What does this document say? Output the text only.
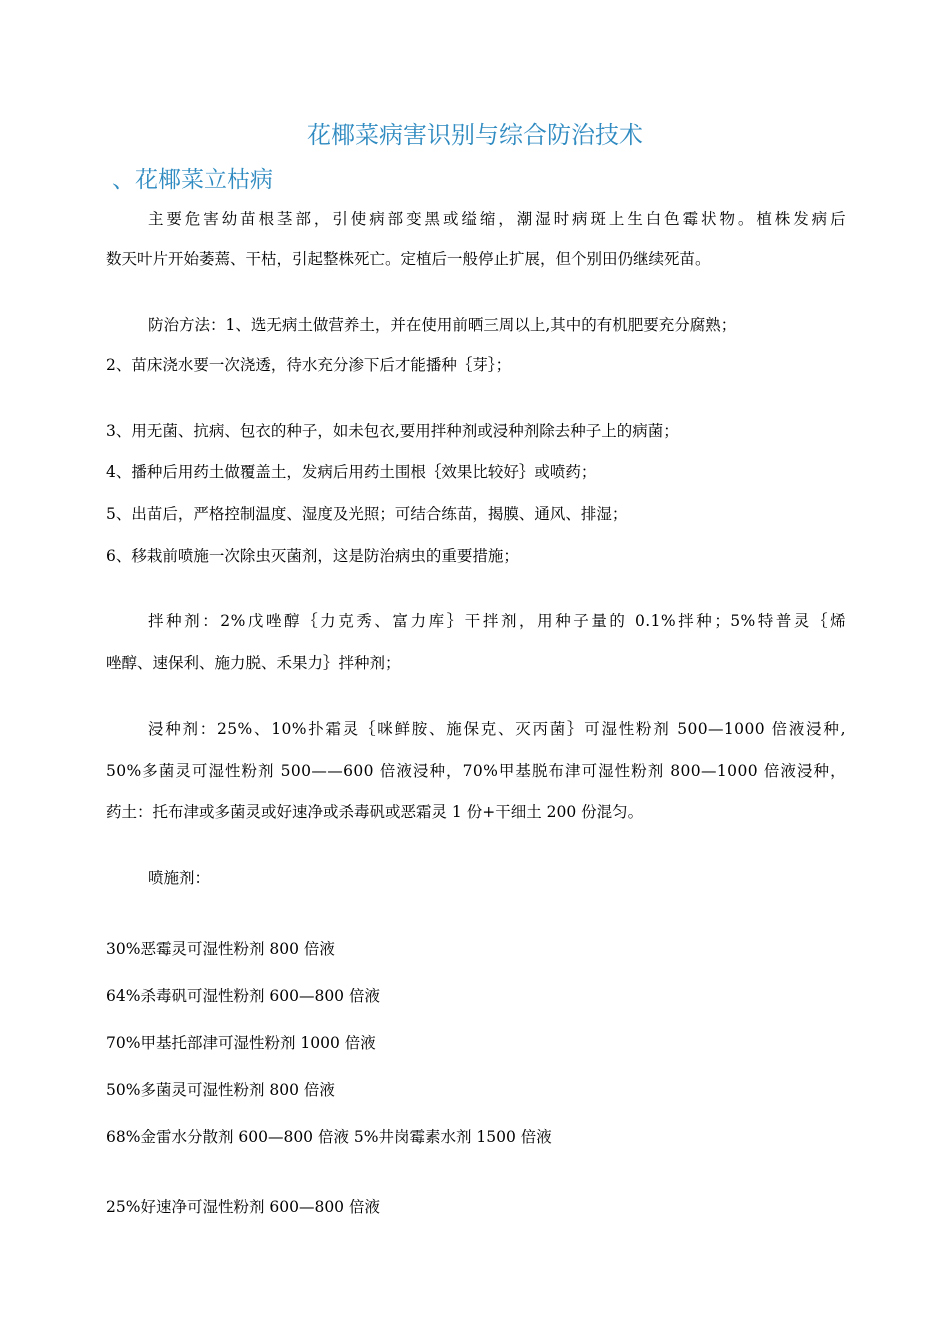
花椰菜病害识别与综合防治技术
、花椰菜立枯病
主要危害幼苗根茎部，引使病部变黑或缢缩，潮湿时病斑上生白色霉状物。植株发病后
数天叶片开始萎蔫、干枯，引起整株死亡。定植后一般停止扩展，但个别田仍继续死苗。
防治方法：1、选无病土做营养土，并在使用前晒三周以上,其中的有机肥要充分腐熟；
2、苗床浇水要一次浇透，待水充分渗下后才能播种｛芽｝；
3、用无菌、抗病、包衣的种子，如未包衣,要用拌种剂或浸种剂除去种子上的病菌；
4、播种后用药土做覆盖土，发病后用药土围根｛效果比较好｝或喷药；
5、出苗后，严格控制温度、湿度及光照；可结合练苗，揭膜、通风、排湿；
6、移栽前喷施一次除虫灭菌剂，这是防治病虫的重要措施；
拌种剂：2%戊唑醇｛力克秀、富力库｝干拌剂，用种子量的 0.1%拌种；5%特普灵｛烯
唑醇、速保利、施力脱、禾果力｝拌种剂；
浸种剂：25%、10%扑霜灵｛咪鲜胺、施保克、灭丙菌｝可湿性粉剂 500—1000 倍液浸种,
50%多菌灵可湿性粉剂 500——600 倍液浸种，70%甲基脱布津可湿性粉剂 800—1000 倍液浸种，
药土：托布津或多菌灵或好速净或杀毒矾或恶霜灵 1 份+干细土 200 份混匀。
喷施剂：
30%恶霉灵可湿性粉剂 800 倍液
64%杀毒矾可湿性粉剂 600—800 倍液
70%甲基托部津可湿性粉剂 1000 倍液
50%多菌灵可湿性粉剂 800 倍液
68%金雷水分散剂 600—800 倍液 5%井岗霉素水剂 1500 倍液
25%好速净可湿性粉剂 600—800 倍液
